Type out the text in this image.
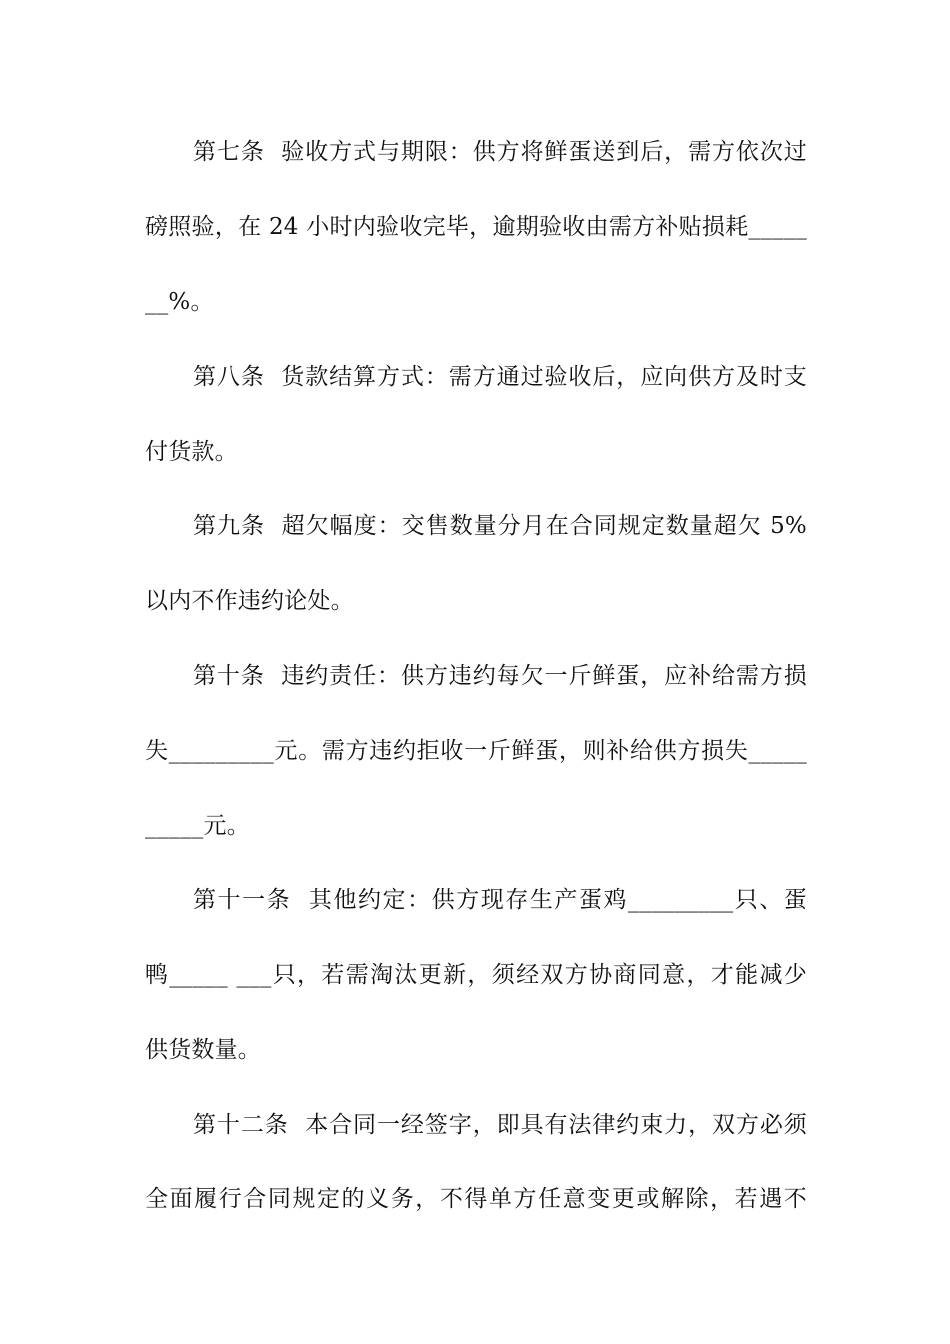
第七条  验收方式与期限：供方将鲜蛋送到后，需方依次过
磅照验，在 24 小时内验收完毕，逾期验收由需方补贴损耗_____
__%。
第八条  货款结算方式：需方通过验收后，应向供方及时支
付货款。
第九条  超欠幅度：交售数量分月在合同规定数量超欠 5%
以内不作违约论处。
第十条  违约责任：供方违约每欠一斤鲜蛋，应补给需方损
失_________元。需方违约拒收一斤鲜蛋，则补给供方损失_____
_____元。
第十一条  其他约定：供方现存生产蛋鸡_________只、蛋
鸭_____ ___只，若需淘汰更新，须经双方协商同意，才能减少
供货数量。
第十二条  本合同一经签字，即具有法律约束力，双方必须
全面履行合同规定的义务，不得单方任意变更或解除，若遇不
